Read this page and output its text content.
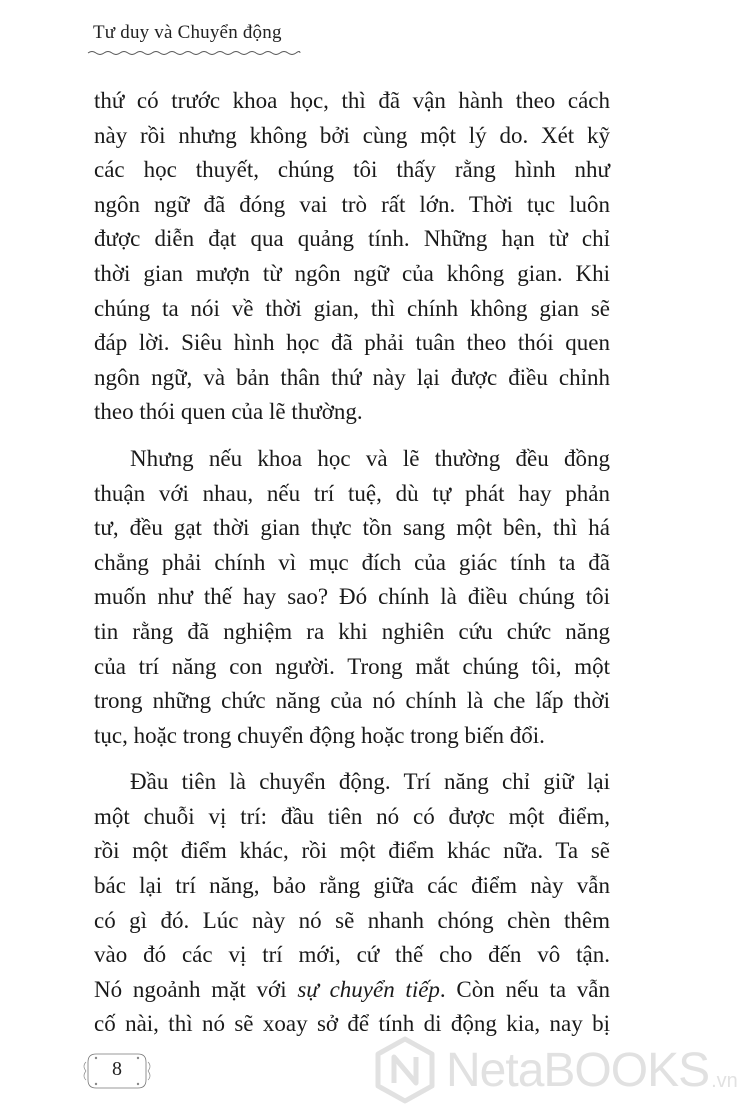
Tư duy và Chuyển động
thứ có trước khoa học, thì đã vận hành theo cách
này rồi nhưng không bởi cùng một lý do. Xét kỹ
các học thuyết, chúng tôi thấy rằng hình như
ngôn ngữ đã đóng vai trò rất lớn. Thời tục luôn
được diễn đạt qua quảng tính. Những hạn từ chỉ
thời gian mượn từ ngôn ngữ của không gian. Khi
chúng ta nói về thời gian, thì chính không gian sẽ
đáp lời. Siêu hình học đã phải tuân theo thói quen
ngôn ngữ, và bản thân thứ này lại được điều chỉnh
theo thói quen của lẽ thường.
Nhưng nếu khoa học và lẽ thường đều đồng
thuận với nhau, nếu trí tuệ, dù tự phát hay phản
tư, đều gạt thời gian thực tồn sang một bên, thì há
chẳng phải chính vì mục đích của giác tính ta đã
muốn như thế hay sao? Đó chính là điều chúng tôi
tin rằng đã nghiệm ra khi nghiên cứu chức năng
của trí năng con người. Trong mắt chúng tôi, một
trong những chức năng của nó chính là che lấp thời
tục, hoặc trong chuyển động hoặc trong biến đổi.
Đầu tiên là chuyển động. Trí năng chỉ giữ lại
một chuỗi vị trí: đầu tiên nó có được một điểm,
rồi một điểm khác, rồi một điểm khác nữa. Ta sẽ
bác lại trí năng, bảo rằng giữa các điểm này vẫn
có gì đó. Lúc này nó sẽ nhanh chóng chèn thêm
vào đó các vị trí mới, cứ thế cho đến vô tận.
Nó ngoảnh mặt với sự chuyển tiếp. Còn nếu ta vẫn
cố nài, thì nó sẽ xoay sở để tính di động kia, nay bị
8	NetaBOOKS .vn
